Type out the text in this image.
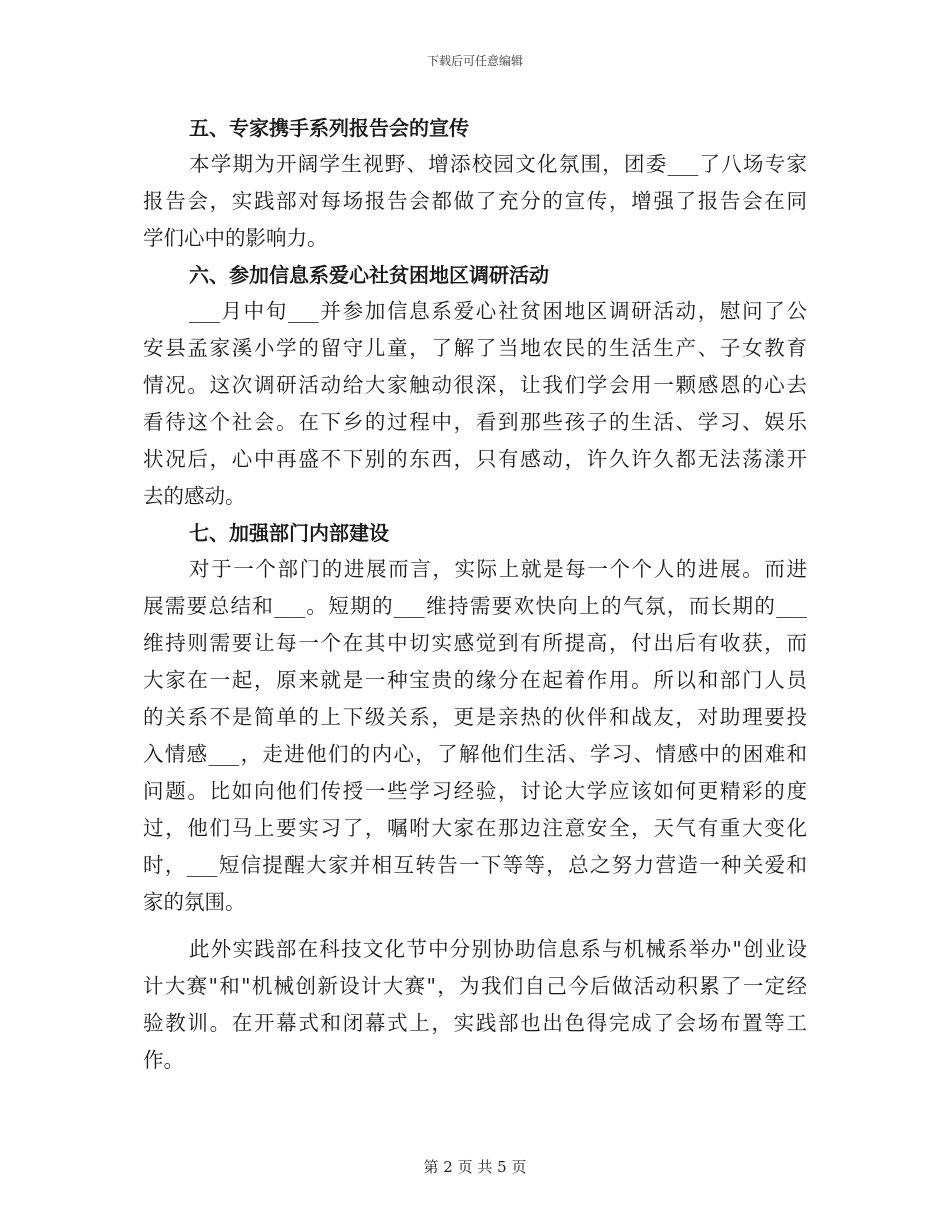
下载后可任意编辑
五、专家携手系列报告会的宣传

本学期为开阔学生视野、增添校园文化氛围，团委___了八场专家
报告会，实践部对每场报告会都做了充分的宣传，增强了报告会在同
学们心中的影响力。

六、参加信息系爱心社贫困地区调研活动

___月中旬___并参加信息系爱心社贫困地区调研活动，慰问了公
安县孟家溪小学的留守儿童，了解了当地农民的生活生产、子女教育
情况。这次调研活动给大家触动很深，让我们学会用一颗感恩的心去
看待这个社会。在下乡的过程中，看到那些孩子的生活、学习、娱乐
状况后，心中再盛不下别的东西，只有感动，许久许久都无法荡漾开
去的感动。

七、加强部门内部建设

对于一个部门的进展而言，实际上就是每一个个人的进展。而进
展需要总结和___。短期的___维持需要欢快向上的气氛，而长期的___
维持则需要让每一个在其中切实感觉到有所提高，付出后有收获，而
大家在一起，原来就是一种宝贵的缘分在起着作用。所以和部门人员
的关系不是简单的上下级关系，更是亲热的伙伴和战友，对助理要投
入情感___，走进他们的内心，了解他们生活、学习、情感中的困难和
问题。比如向他们传授一些学习经验，讨论大学应该如何更精彩的度
过，他们马上要实习了，嘱咐大家在那边注意安全，天气有重大变化
时，___短信提醒大家并相互转告一下等等，总之努力营造一种关爱和
家的氛围。

此外实践部在科技文化节中分别协助信息系与机械系举办"创业设
计大赛"和"机械创新设计大赛"，为我们自己今后做活动积累了一定经
验教训。在开幕式和闭幕式上，实践部也出色得完成了会场布置等工
作。

第 2 页 共 5 页
